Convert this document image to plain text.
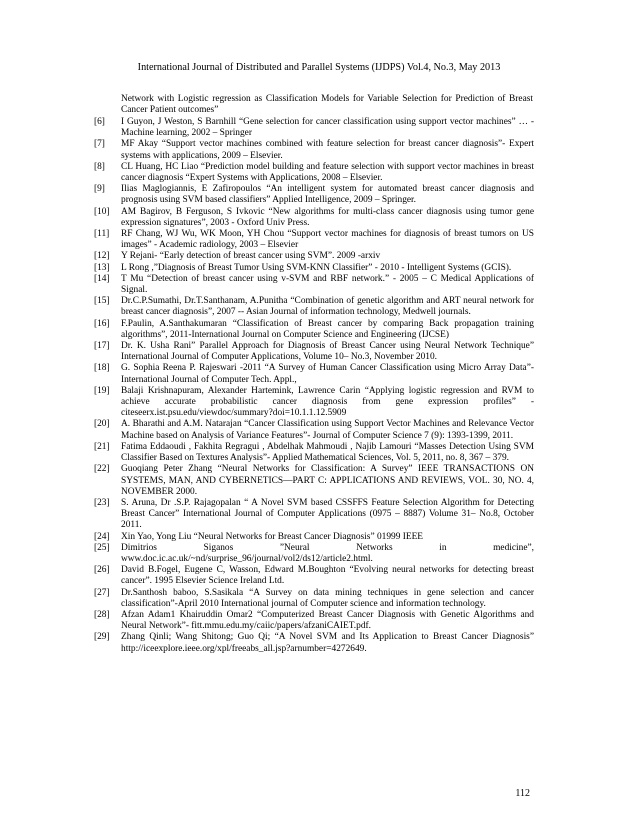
International Journal of Distributed and Parallel Systems (IJDPS) Vol.4, No.3, May 2013
Network with Logistic regression as Classification Models for Variable Selection for Prediction of Breast Cancer Patient outcomes”
[6]	I Guyon, J Weston, S Barnhill “Gene selection for cancer classification using support vector machines” … - Machine learning, 2002 – Springer
[7]	MF Akay “Support vector machines combined with feature selection for breast cancer diagnosis”- Expert systems with applications, 2009 – Elsevier.
[8]	CL Huang, HC Liao “Prediction model building and feature selection with support vector machines in breast cancer diagnosis “Expert Systems with Applications, 2008 – Elsevier.
[9]	Ilias Maglogiannis, E Zafiropoulos “An intelligent system for automated breast cancer diagnosis and prognosis using SVM based classifiers” Applied Intelligence, 2009 – Springer.
[10]	AM Bagirov, B Ferguson, S Ivkovic “New algorithms for multi-class cancer diagnosis using tumor gene expression signatures”, 2003 - Oxford Univ Press.
[11]	RF Chang, WJ Wu, WK Moon, YH Chou “Support vector machines for diagnosis of breast tumors on US images” - Academic radiology, 2003 – Elsevier
[12]	Y Rejani- “Early detection of breast cancer using SVM”. 2009 -arxiv
[13]	L Rong ,”Diagnosis of Breast Tumor Using SVM-KNN Classifier” - 2010 - Intelligent Systems (GCIS).
[14]	T Mu “Detection of breast cancer using v-SVM and RBF network.” - 2005 – C Medical Applications of Signal.
[15]	Dr.C.P.Sumathi, Dr.T.Santhanam, A.Punitha “Combination of genetic algorithm and ART neural network for breast cancer diagnosis”, 2007 -- Asian Journal of information technology, Medwell journals.
[16]	F.Paulin, A.Santhakumaran “Classification of Breast cancer by comparing Back propagation training algorithms”, 2011-International Journal on Computer Science and Engineering (IJCSE)
[17]	Dr. K. Usha Rani” Parallel Approach for Diagnosis of Breast Cancer using Neural Network Technique” International Journal of Computer Applications, Volume 10– No.3, November 2010.
[18]	G. Sophia Reena P. Rajeswari -2011 “A Survey of Human Cancer Classification using Micro Array Data”- International Journal of Computer Tech. Appl.,
[19]	Balaji Krishnapuram, Alexander Hartemink, Lawrence Carin “Applying logistic regression and RVM to achieve accurate probabilistic cancer diagnosis from gene expression profiles” - citeseerx.ist.psu.edu/viewdoc/summary?doi=10.1.1.12.5909
[20]	A. Bharathi and A.M. Natarajan “Cancer Classification using Support Vector Machines and Relevance Vector Machine based on Analysis of Variance Features”- Journal of Computer Science 7 (9): 1393-1399, 2011.
[21]	Fatima Eddaoudi , Fakhita Regragui , Abdelhak Mahmoudi , Najib Lamouri “Masses Detection Using SVM Classifier Based on Textures Analysis”- Applied Mathematical Sciences, Vol. 5, 2011, no. 8, 367 – 379.
[22]	Guoqiang Peter Zhang “Neural Networks for Classification: A Survey” IEEE TRANSACTIONS ON SYSTEMS, MAN, AND CYBERNETICS—PART C: APPLICATIONS AND REVIEWS, VOL. 30, NO. 4, NOVEMBER 2000.
[23]	S. Aruna, Dr .S.P. Rajagopalan “ A Novel SVM based CSSFFS Feature Selection Algorithm for Detecting Breast Cancer” International Journal of Computer Applications (0975 – 8887) Volume 31– No.8, October 2011.
[24]	Xin Yao, Yong Liu “Neural Networks for Breast Cancer Diagnosis” 01999 IEEE
[25]	Dimitrios Siganos ”Neural Networks in medicine”, www.doc.ic.ac.uk/~nd/surprise_96/journal/vol2/ds12/article2.html.
[26]	David B.Fogel, Eugene C, Wasson, Edward M.Boughton “Evolving neural networks for detecting breast cancer”. 1995 Elsevier Science Ireland Ltd.
[27]	Dr.Santhosh baboo, S.Sasikala “A Survey on data mining techniques in gene selection and cancer classification”-April 2010 International journal of Computer science and information technology.
[28]	Afzan Adam1 Khairuddin Omar2 “Computerized Breast Cancer Diagnosis with Genetic Algorithms and Neural Network”- fitt.mmu.edu.my/caiic/papers/afzaniCAIET.pdf.
[29]	Zhang Qinli; Wang Shitong; Guo Qi; “A Novel SVM and Its Application to Breast Cancer Diagnosis” http://iceexplore.ieee.org/xpl/freeabs_all.jsp?arnumber=4272649.
112
